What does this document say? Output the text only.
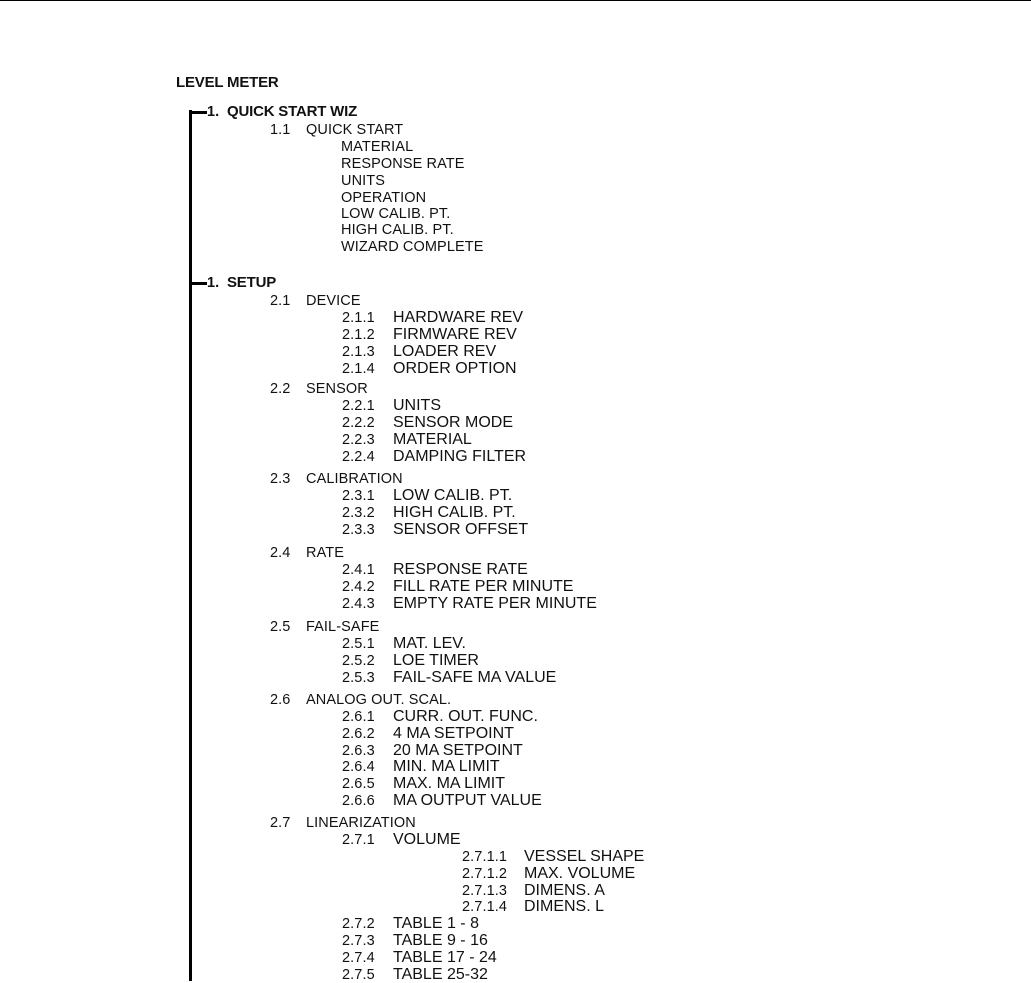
LEVEL METER
1. QUICK START WIZ
1.1 QUICK START
MATERIAL
RESPONSE RATE
UNITS
OPERATION
LOW CALIB. PT.
HIGH CALIB. PT.
WIZARD COMPLETE
1. SETUP
2.1 DEVICE
2.1.1 HARDWARE REV
2.1.2 FIRMWARE REV
2.1.3 LOADER REV
2.1.4 ORDER OPTION
2.2 SENSOR
2.2.1 UNITS
2.2.2 SENSOR MODE
2.2.3 MATERIAL
2.2.4 DAMPING FILTER
2.3 CALIBRATION
2.3.1 LOW CALIB. PT.
2.3.2 HIGH CALIB. PT.
2.3.3 SENSOR OFFSET
2.4 RATE
2.4.1 RESPONSE RATE
2.4.2 FILL RATE PER MINUTE
2.4.3 EMPTY RATE PER MINUTE
2.5 FAIL-SAFE
2.5.1 MAT. LEV.
2.5.2 LOE TIMER
2.5.3 FAIL-SAFE MA VALUE
2.6 ANALOG OUT. SCAL.
2.6.1 CURR. OUT. FUNC.
2.6.2 4 MA SETPOINT
2.6.3 20 MA SETPOINT
2.6.4 MIN. MA LIMIT
2.6.5 MAX. MA LIMIT
2.6.6 MA OUTPUT VALUE
2.7 LINEARIZATION
2.7.1 VOLUME
2.7.1.1 VESSEL SHAPE
2.7.1.2 MAX. VOLUME
2.7.1.3 DIMENS. A
2.7.1.4 DIMENS. L
2.7.2 TABLE 1 - 8
2.7.3 TABLE 9 - 16
2.7.4 TABLE 17 - 24
2.7.5 TABLE 25-32
